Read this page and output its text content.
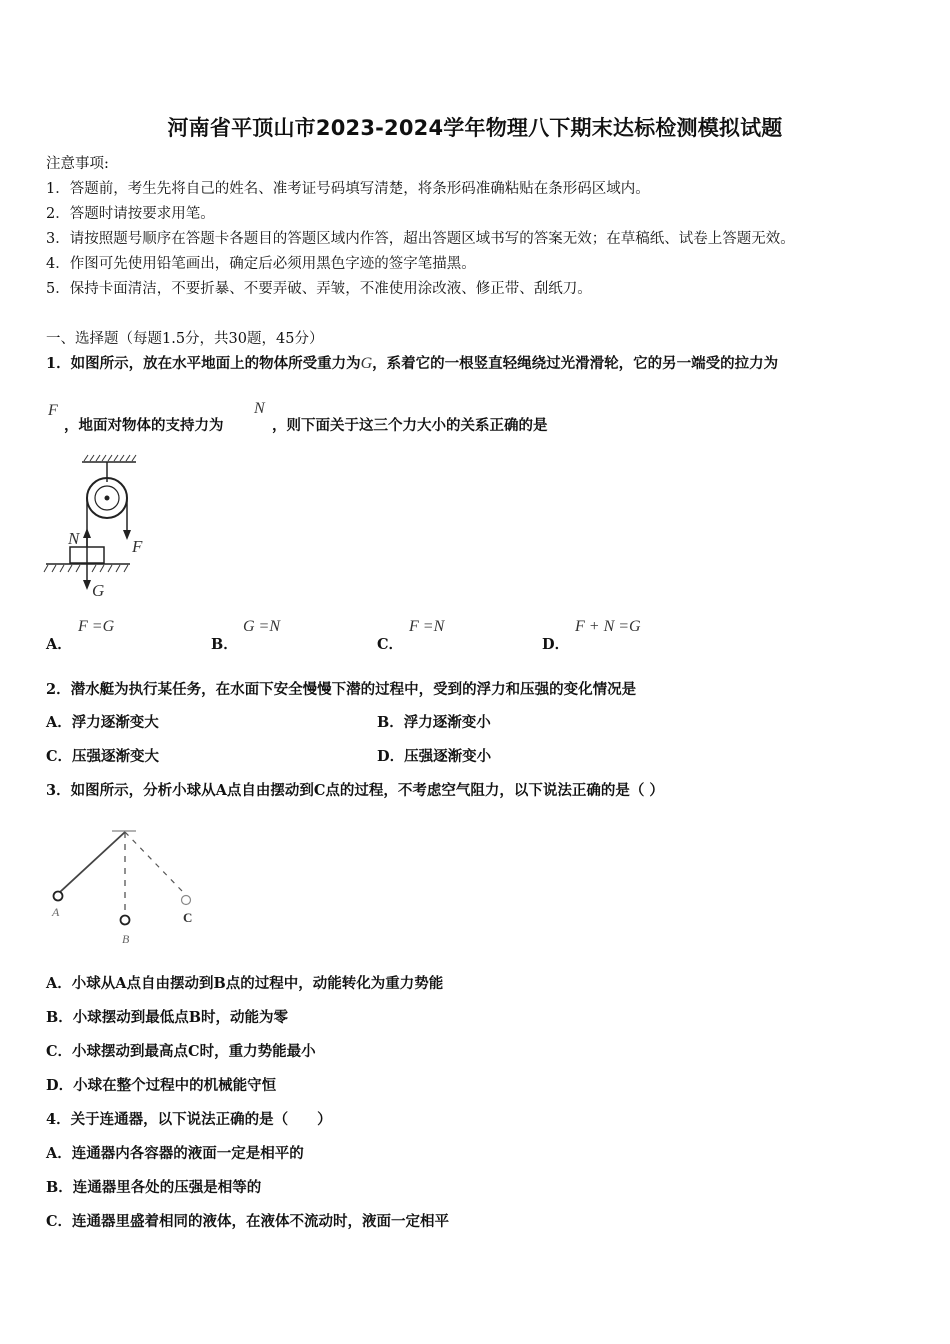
河南省平顶山市2023-2024学年物理八下期末达标检测模拟试题
注意事项:
1．答题前，考生先将自己的姓名、准考证号码填写清楚，将条形码准确粘贴在条形码区域内。
2．答题时请按要求用笔。
3．请按照题号顺序在答题卡各题目的答题区域内作答，超出答题区域书写的答案无效；在草稿纸、试卷上答题无效。
4．作图可先使用铅笔画出，确定后必须用黑色字迹的签字笔描黑。
5．保持卡面清洁，不要折暴、不要弄破、弄皱，不准使用涂改液、修正带、刮纸刀。
一、选择题（每题1.5分，共30题，45分）
1．如图所示，放在水平地面上的物体所受重力为G，系着它的一根竖直轻绳绕过光滑滑轮，它的另一端受的拉力为
F
，地面对物体的支持力为
N
，则下面关于这三个力大小的关系正确的是
F
N
G
A．
F =G
B．
G =N
C．
F =N
D．
F + N =G
2．潜水艇为执行某任务，在水面下安全慢慢下潜的过程中，受到的浮力和压强的变化情况是
A．浮力逐渐变大	B．浮力逐渐变小
C．压强逐渐变大	D．压强逐渐变小
3．如图所示，分析小球从A点自由摆动到C点的过程，不考虑空气阻力，以下说法正确的是（ ）
A
B
C
A．小球从A点自由摆动到B点的过程中，动能转化为重力势能
B．小球摆动到最低点B时，动能为零
C．小球摆动到最高点C时，重力势能最小
D．小球在整个过程中的机械能守恒
4．关于连通器，以下说法正确的是（　　）
A．连通器内各容器的液面一定是相平的
B．连通器里各处的压强是相等的
C．连通器里盛着相同的液体，在液体不流动时，液面一定相平
